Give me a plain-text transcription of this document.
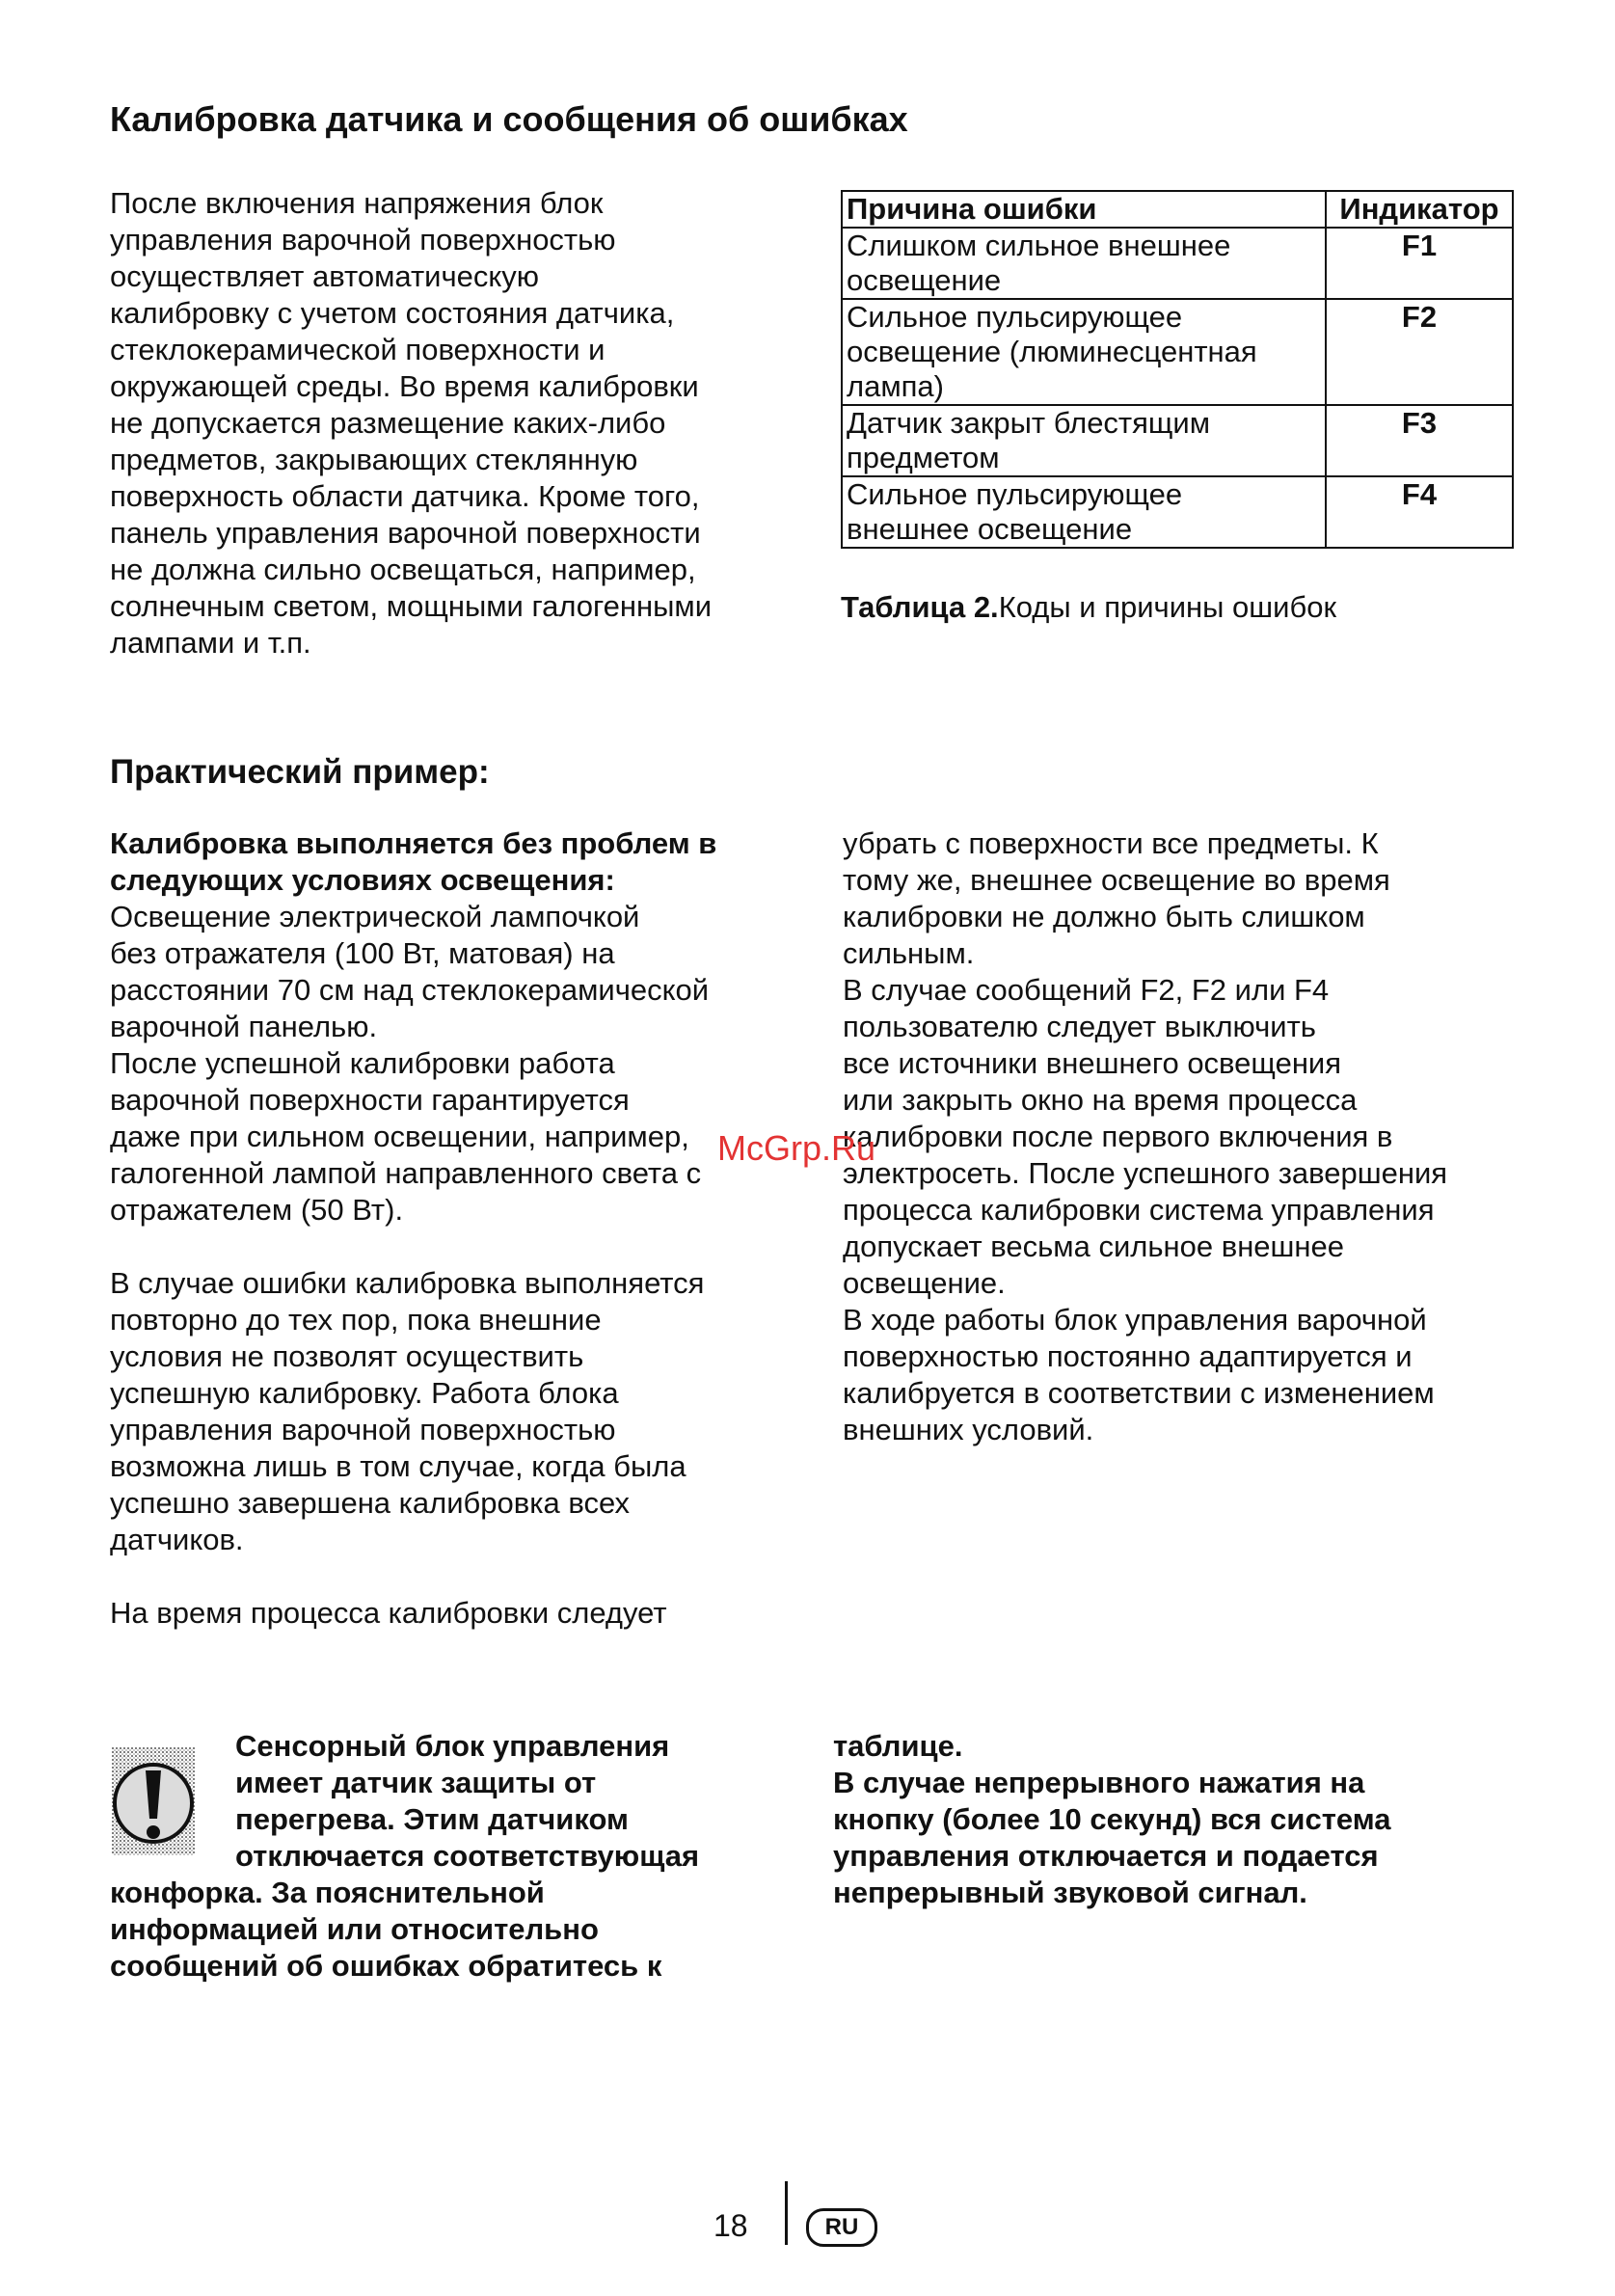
Калибровка датчика и сообщения об ошибках

После включения напряжения блок
управления варочной поверхностью
осуществляет автоматическую
калибровку с учетом состояния датчика,
стеклокерамической поверхности и
окружающей среды. Во время калибровки
не допускается размещение каких-либо
предметов, закрывающих стеклянную
поверхность области датчика. Кроме того,
панель управления варочной поверхности
не должна сильно освещаться, например,
солнечным светом, мощными галогенными
лампами и т.п.

Причина ошибки	Индикатор
Слишком сильное внешнее
освещение	F1
Сильное пульсирующее
освещение (люминесцентная
лампа)	F2
Датчик закрыт блестящим
предметом	F3
Сильное пульсирующее
внешнее освещение	F4
Таблица 2.Коды и причины ошибок
Практический пример:

Калибровка выполняется без проблем в
следующих условиях освещения:

Освещение электрической лампочкой
без отражателя (100 Вт, матовая) на
расстоянии 70 см над стеклокерамической
варочной панелью.
После успешной калибровки работа
варочной поверхности гарантируется
даже при сильном освещении, например,
галогенной лампой направленного света с
отражателем (50 Вт).

В случае ошибки калибровка выполняется
повторно до тех пор, пока внешние
условия не позволят осуществить
успешную калибровку. Работа блока
управления варочной поверхностью
возможна лишь в том случае, когда была
успешно завершена калибровка всех
датчиков.

На время процесса калибровки следует

убрать с поверхности все предметы. К
тому же, внешнее освещение во время
калибровки не должно быть слишком
сильным.
В случае сообщений F2, F2 или F4
пользователю следует выключить
все источники внешнего освещения
или закрыть окно на время процесса
калибровки после первого включения в
электросеть. После успешного завершения
процесса калибровки система управления
допускает весьма сильное внешнее
освещение.
В ходе работы блок управления варочной
поверхностью постоянно адаптируется и
калибруется в соответствии с изменением
внешних условий.

McGrp.Ru

Сенсорный блок управления
имеет датчик защиты от
перегрева. Этим датчиком
отключается соответствующая

конфорка. За пояснительной
информацией или относительно
сообщений об ошибках обратитесь к

таблице.
В случае непрерывного нажатия на
кнопку (более 10 секунд) вся система
управления отключается и подается
непрерывный звуковой сигнал.

18	RU
